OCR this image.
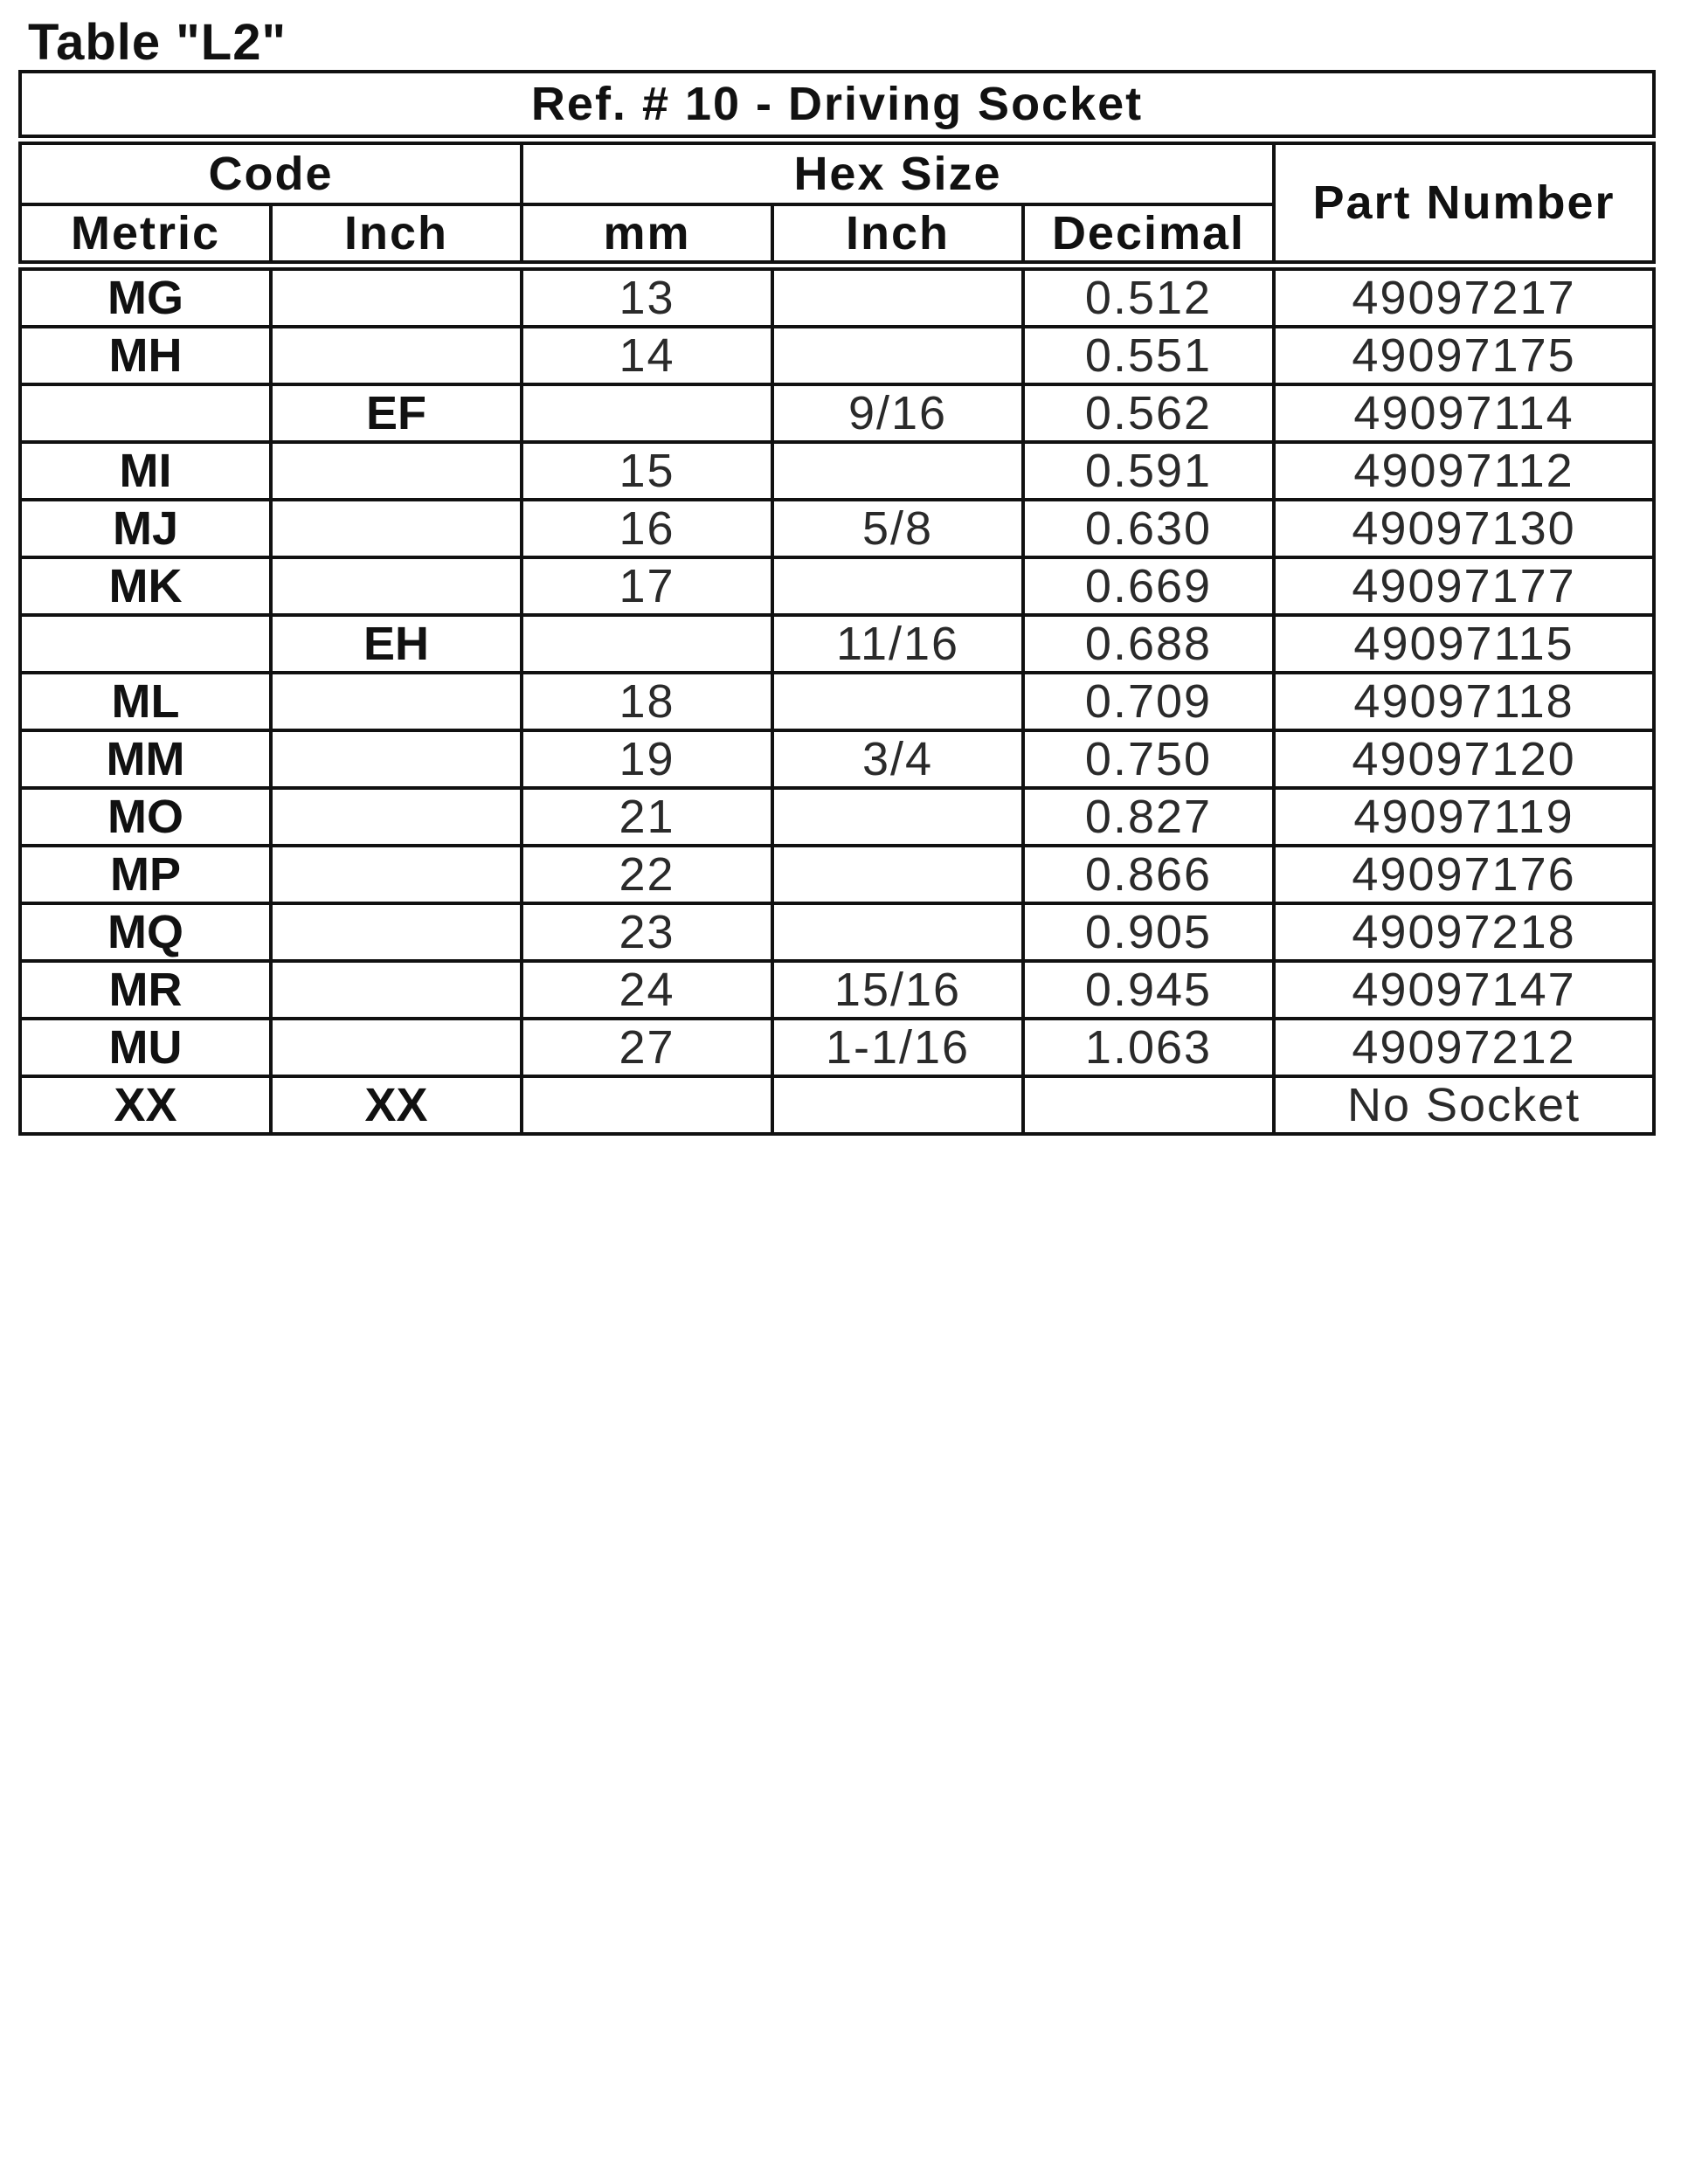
Table "L2"
Ref. # 10 - Driving Socket					
Code		Hex Size			Part Number
Metric	Inch	mm	Inch	Decimal	
MG		13		0.512	49097217
MH		14		0.551	49097175
	EF		9/16	0.562	49097114
MI		15		0.591	49097112
MJ		16	5/8	0.630	49097130
MK		17		0.669	49097177
	EH		11/16	0.688	49097115
ML		18		0.709	49097118
MM		19	3/4	0.750	49097120
MO		21		0.827	49097119
MP		22		0.866	49097176
MQ		23		0.905	49097218
MR		24	15/16	0.945	49097147
MU		27	1-1/16	1.063	49097212
XX	XX				No Socket
